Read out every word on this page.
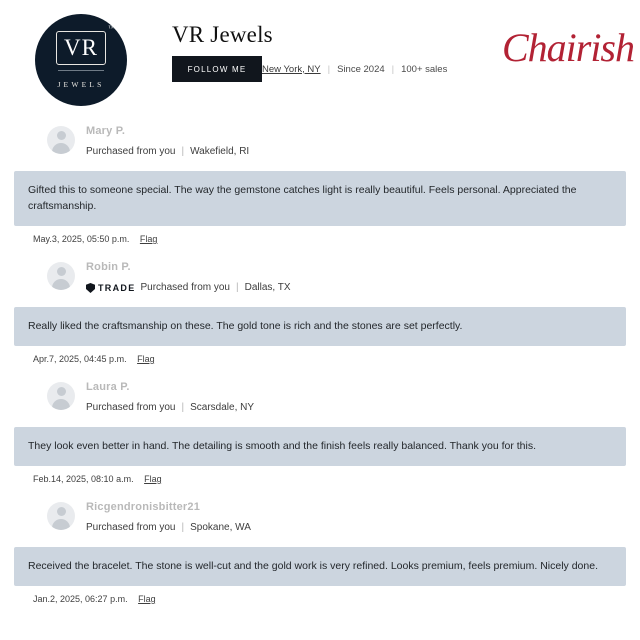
VR
™
JEWELS
VR Jewels
FOLLOW ME	New York, NY | Since 2024 | 100+ sales Chairish
Mary P.
Purchased from you | Wakefield, RI
Gifted this to someone special. The way the gemstone catches light is really beautiful. Feels personal. Appreciated the craftsmanship.
May.3, 2025, 05:50 p.m. Flag
Robin P.
TRADE Purchased from you | Dallas, TX
Really liked the craftsmanship on these. The gold tone is rich and the stones are set perfectly.
Apr.7, 2025, 04:45 p.m. Flag
Laura P.
Purchased from you | Scarsdale, NY
They look even better in hand. The detailing is smooth and the finish feels really balanced. Thank you for this.
Feb.14, 2025, 08:10 a.m. Flag
Ricgendronisbitter21
Purchased from you | Spokane, WA
Received the bracelet. The stone is well-cut and the gold work is very refined. Looks premium, feels premium. Nicely done.
Jan.2, 2025, 06:27 p.m. Flag
